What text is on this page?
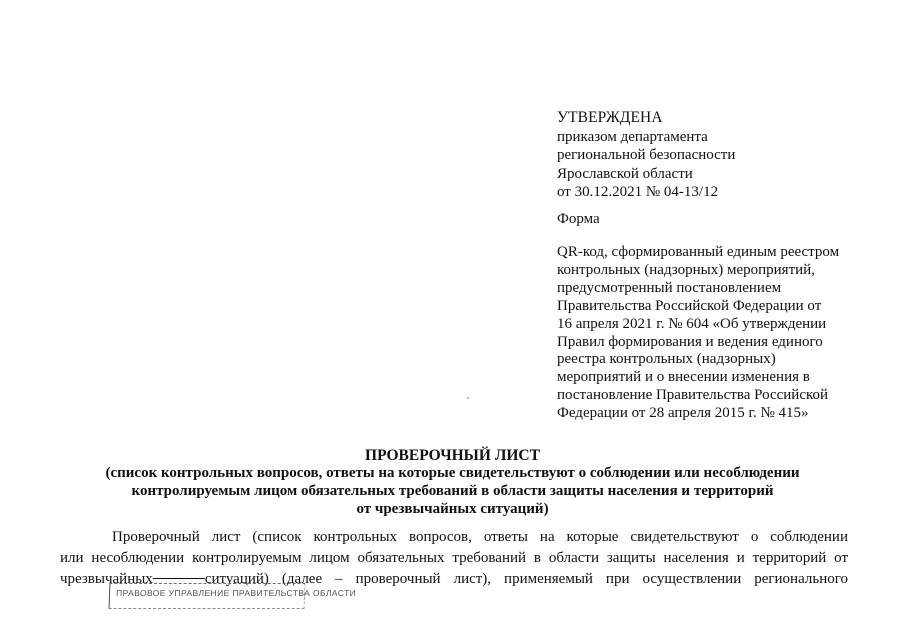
УТВЕРЖДЕНА
приказом департамента
региональной безопасности
Ярославской области
от 30.12.2021 № 04-13/12
Форма
QR-код, сформированный единым реестром
контрольных (надзорных) мероприятий,
предусмотренный постановлением
Правительства Российской Федерации от
16 апреля 2021 г. № 604 «Об утверждении
Правил формирования и ведения единого
реестра контрольных (надзорных)
мероприятий и о внесении изменения в
постановление Правительства Российской
Федерации от 28 апреля 2015 г. № 415»
ПРОВЕРОЧНЫЙ ЛИСТ
(список контрольных вопросов, ответы на которые свидетельствуют о соблюдении или несоблюдении
контролируемым лицом обязательных требований в области защиты населения и территорий
от чрезвычайных ситуаций)
Проверочный лист (список контрольных вопросов, ответы на которые свидетельствуют о соблюдении
или несоблюдении контролируемым лицом обязательных требований в области защиты населения и территорий от
чрезвычайных	ситуаций) (далее – проверочный лист), применяемый при осуществлении регионального
ПРАВОВОЕ УПРАВЛЕНИЕ ПРАВИТЕЛЬСТВА ОБЛАСТИ
